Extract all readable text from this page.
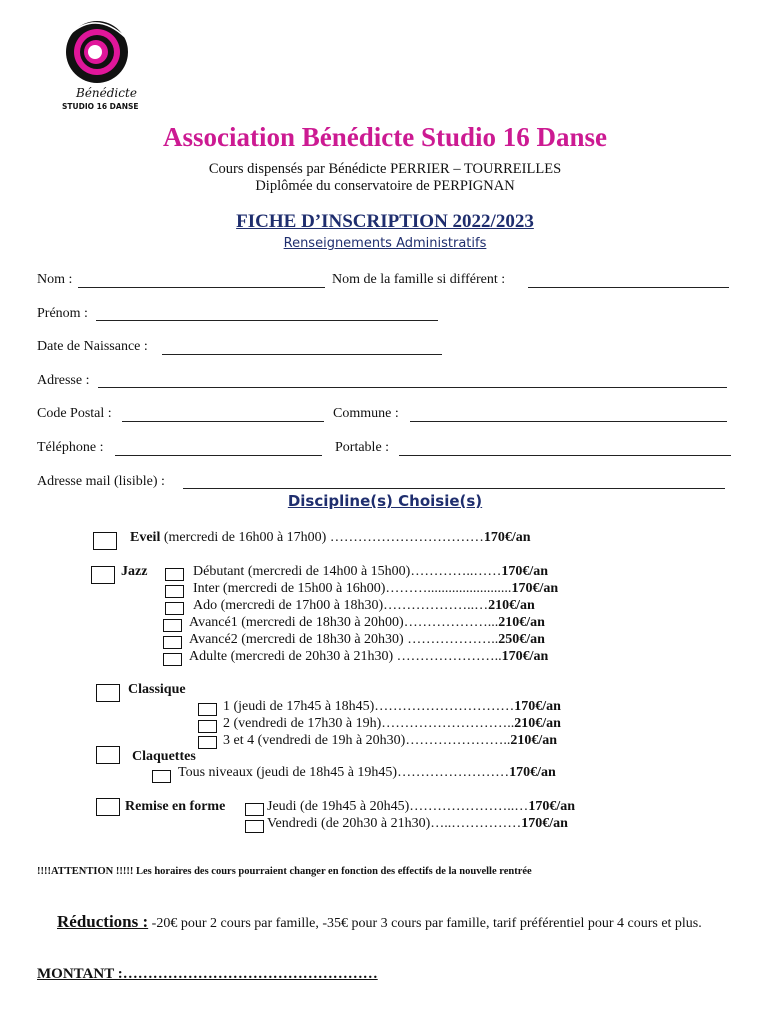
Bénédicte
STUDIO 16 DANSE
Association Bénédicte Studio 16 Danse
Cours dispensés par Bénédicte PERRIER – TOURREILLES
Diplômée du conservatoire de PERPIGNAN
FICHE D’INSCRIPTION 2022/2023
Renseignements Administratifs
Nom :	Nom de la famille si différent :
Prénom :
Date de Naissance :
Adresse :
Code Postal :	Commune :
Téléphone :	Portable :
Adresse mail (lisible) :
Discipline(s) Choisie(s)
Eveil (mercredi de 16h00 à 17h00) ……………………………170€/an
Jazz	Débutant (mercredi de 14h00 à 15h00)…………..……170€/an
Inter (mercredi de 15h00 à 16h00)………........................170€/an
Ado (mercredi de 17h00 à 18h30)………………..…210€/an
Avancé1 (mercredi de 18h30 à 20h00)………………...210€/an
Avancé2 (mercredi de 18h30 à 20h30) ………………..250€/an
Adulte (mercredi de 20h30 à 21h30) …………………..170€/an
Classique
1 (jeudi de 17h45 à 18h45)…………………………170€/an
2 (vendredi de 17h30 à 19h)………………………..210€/an
3 et 4 (vendredi de 19h à 20h30)…………………..210€/an
Claquettes
Tous niveaux (jeudi de 18h45 à 19h45)……………………170€/an
Remise en forme	Jeudi (de 19h45 à 20h45)…………………..…170€/an
Vendredi (de 20h30 à 21h30)…..……………170€/an
!!!!ATTENTION !!!!! Les horaires des cours pourraient changer en fonction des effectifs de la nouvelle rentrée
Réductions : -20€ pour 2 cours par famille, -35€ pour 3 cours par famille, tarif préférentiel pour 4 cours et plus.
MONTANT :……………………………………………
